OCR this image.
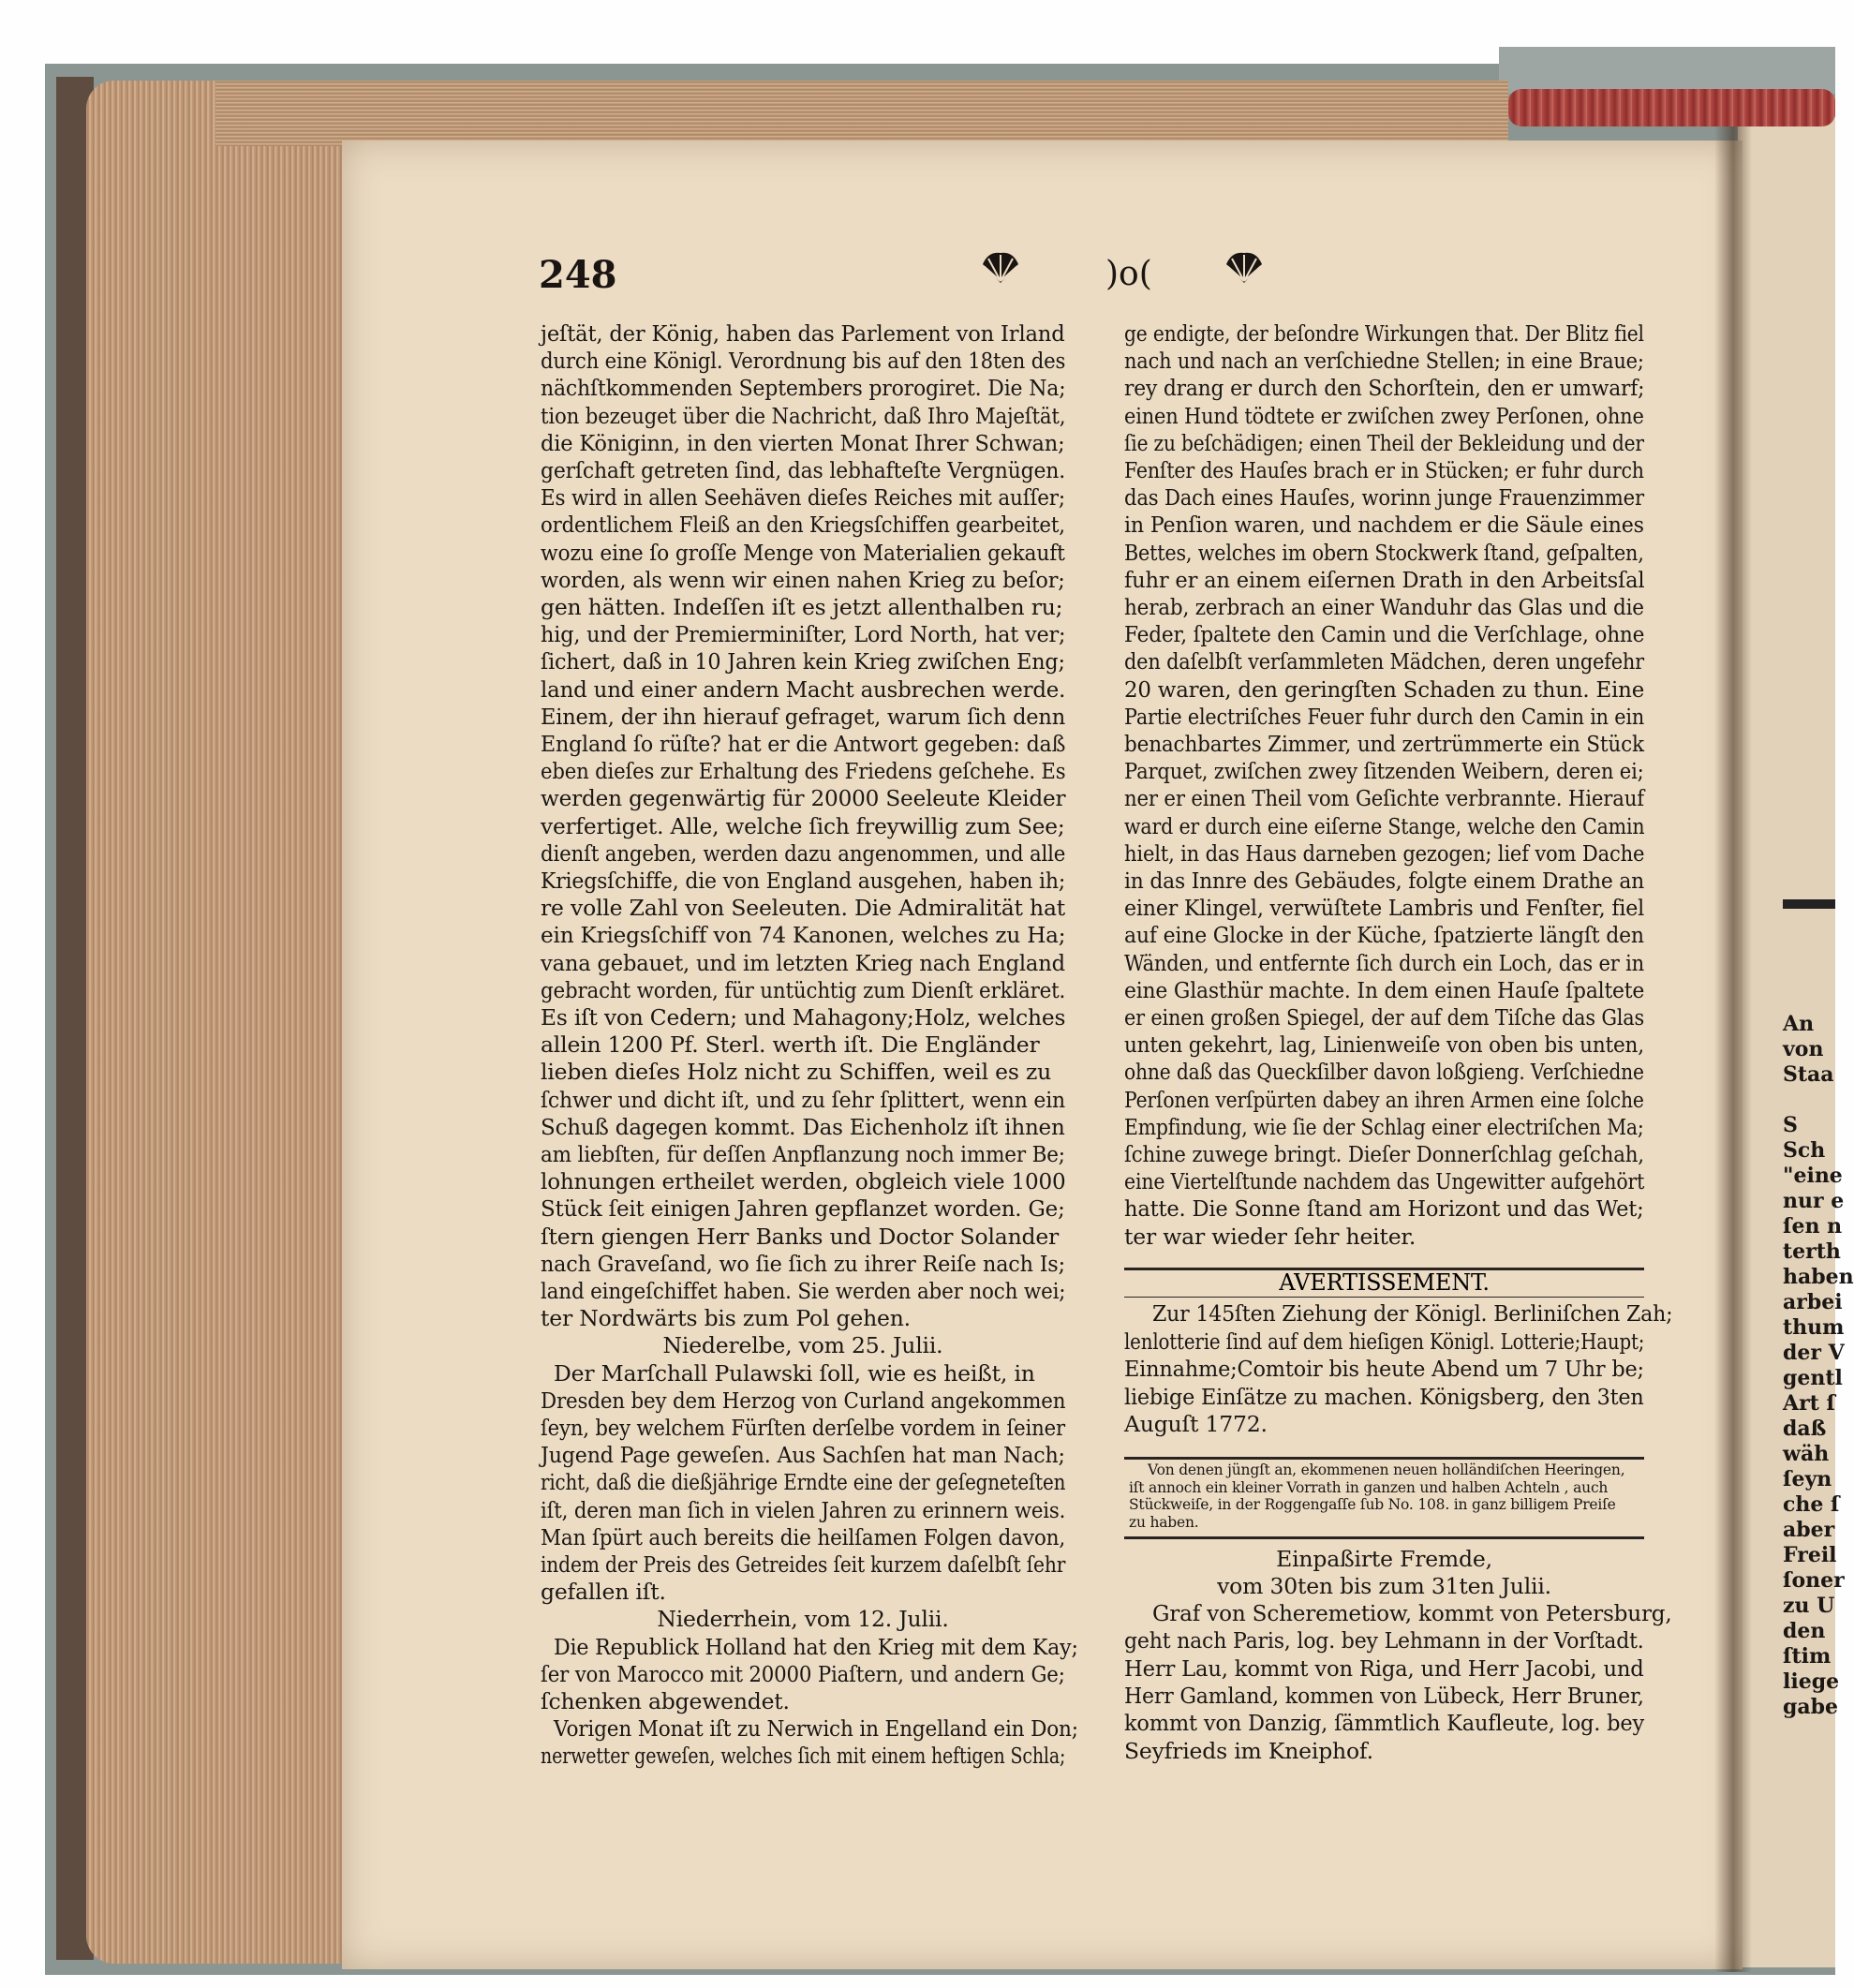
248	)o(
jeſtät, der König, haben das Parlement von Irland
durch eine Königl. Verordnung bis auf den 18ten des
nächſtkommenden Septembers prorogiret. Die Na;
tion bezeuget über die Nachricht, daß Ihro Majeſtät,
die Königinn, in den vierten Monat Ihrer Schwan;
gerſchaft getreten ſind, das lebhafteſte Vergnügen.
Es wird in allen Seehäven dieſes Reiches mit auſſer;
ordentlichem Fleiß an den Kriegsſchiffen gearbeitet,
wozu eine ſo groſſe Menge von Materialien gekauft
worden, als wenn wir einen nahen Krieg zu beſor;
gen hätten. Indeſſen iſt es jetzt allenthalben ru;
hig, und der Premierminiſter, Lord North, hat ver;
ſichert, daß in 10 Jahren kein Krieg zwiſchen Eng;
land und einer andern Macht ausbrechen werde.
Einem, der ihn hierauf gefraget, warum ſich denn
England ſo rüſte? hat er die Antwort gegeben: daß
eben dieſes zur Erhaltung des Friedens geſchehe. Es
werden gegenwärtig für 20000 Seeleute Kleider
verfertiget. Alle, welche ſich freywillig zum See;
dienſt angeben, werden dazu angenommen, und alle
Kriegsſchiffe, die von England ausgehen, haben ih;
re volle Zahl von Seeleuten. Die Admiralität hat
ein Kriegsſchiff von 74 Kanonen, welches zu Ha;
vana gebauet, und im letzten Krieg nach England
gebracht worden, für untüchtig zum Dienſt erkläret.
Es iſt von Cedern; und Mahagony;Holz, welches
allein 1200 Pf. Sterl. werth iſt. Die Engländer
lieben dieſes Holz nicht zu Schiffen, weil es zu
ſchwer und dicht iſt, und zu ſehr ſplittert, wenn ein
Schuß dagegen kommt. Das Eichenholz iſt ihnen
am liebſten, für deſſen Anpflanzung noch immer Be;
lohnungen ertheilet werden, obgleich viele 1000
Stück ſeit einigen Jahren gepflanzet worden. Ge;
ſtern giengen Herr Banks und Doctor Solander
nach Graveſand, wo ſie ſich zu ihrer Reiſe nach Is;
land eingeſchiffet haben. Sie werden aber noch wei;
ter Nordwärts bis zum Pol gehen.
Niederelbe, vom 25. Julii.
Der Marſchall Pulawski ſoll, wie es heißt, in
Dresden bey dem Herzog von Curland angekommen
ſeyn, bey welchem Fürſten derſelbe vordem in ſeiner
Jugend Page geweſen. Aus Sachſen hat man Nach;
richt, daß die dießjährige Erndte eine der geſegneteſten
iſt, deren man ſich in vielen Jahren zu erinnern weis.
Man ſpürt auch bereits die heilſamen Folgen davon,
indem der Preis des Getreides ſeit kurzem daſelbſt ſehr
gefallen iſt.
Niederrhein, vom 12. Julii.
Die Republick Holland hat den Krieg mit dem Kay;
ſer von Marocco mit 20000 Piaſtern, und andern Ge;
ſchenken abgewendet.
Vorigen Monat iſt zu Nerwich in Engelland ein Don;
nerwetter geweſen, welches ſich mit einem heftigen Schla;
ge endigte, der beſondre Wirkungen that. Der Blitz fiel
nach und nach an verſchiedne Stellen; in eine Braue;
rey drang er durch den Schorſtein, den er umwarf;
einen Hund tödtete er zwiſchen zwey Perſonen, ohne
ſie zu beſchädigen; einen Theil der Bekleidung und der
Fenſter des Hauſes brach er in Stücken; er fuhr durch
das Dach eines Hauſes, worinn junge Frauenzimmer
in Penſion waren, und nachdem er die Säule eines
Bettes, welches im obern Stockwerk ſtand, geſpalten,
fuhr er an einem eiſernen Drath in den Arbeitsſal
herab, zerbrach an einer Wanduhr das Glas und die
Feder, ſpaltete den Camin und die Verſchlage, ohne
den daſelbſt verſammleten Mädchen, deren ungefehr
20 waren, den geringſten Schaden zu thun. Eine
Partie electriſches Feuer fuhr durch den Camin in ein
benachbartes Zimmer, und zertrümmerte ein Stück
Parquet, zwiſchen zwey ſitzenden Weibern, deren ei;
ner er einen Theil vom Geſichte verbrannte. Hierauf
ward er durch eine eiſerne Stange, welche den Camin
hielt, in das Haus darneben gezogen; lief vom Dache
in das Innre des Gebäudes, folgte einem Drathe an
einer Klingel, verwüſtete Lambris und Fenſter, fiel
auf eine Glocke in der Küche, ſpatzierte längſt den
Wänden, und entfernte ſich durch ein Loch, das er in
eine Glasthür machte. In dem einen Hauſe ſpaltete
er einen großen Spiegel, der auf dem Tiſche das Glas
unten gekehrt, lag, Linienweiſe von oben bis unten,
ohne daß das Queckſilber davon loßgieng. Verſchiedne
Perſonen verſpürten dabey an ihren Armen eine ſolche
Empfindung, wie ſie der Schlag einer electriſchen Ma;
ſchine zuwege bringt. Dieſer Donnerſchlag geſchah,
eine Viertelſtunde nachdem das Ungewitter aufgehört
hatte. Die Sonne ſtand am Horizont und das Wet;
ter war wieder ſehr heiter.
AVERTISSEMENT.
Zur 145ſten Ziehung der Königl. Berliniſchen Zah;
lenlotterie ſind auf dem hieſigen Königl. Lotterie;Haupt;
Einnahme;Comtoir bis heute Abend um 7 Uhr be;
liebige Einſätze zu machen. Königsberg, den 3ten
Auguſt 1772.
Von denen jüngſt an, ekommenen neuen holländiſchen Heeringen,
iſt annoch ein kleiner Vorrath in ganzen und halben Achteln , auch
Stückweiſe, in der Roggengaſſe ſub No. 108. in ganz billigem Preiſe
zu haben.
Einpaßirte Fremde,
vom 30ten bis zum 31ten Julii.
Graf von Scheremetiow, kommt von Petersburg,
geht nach Paris, log. bey Lehmann in der Vorſtadt.
Herr Lau, kommt von Riga, und Herr Jacobi, und
Herr Gamland, kommen von Lübeck, Herr Bruner,
kommt von Danzig, ſämmtlich Kaufleute, log. bey
Seyfrieds im Kneiphof.
An
von
Staa

S
Sch
"eine
nur e
ſen n
terth
haben
arbei
thum
der V
gentl
Art ſ
daß
wäh
ſeyn
che ſ
aber
Freil
ſoner
zu U
den
ſtim
liege
gabe
